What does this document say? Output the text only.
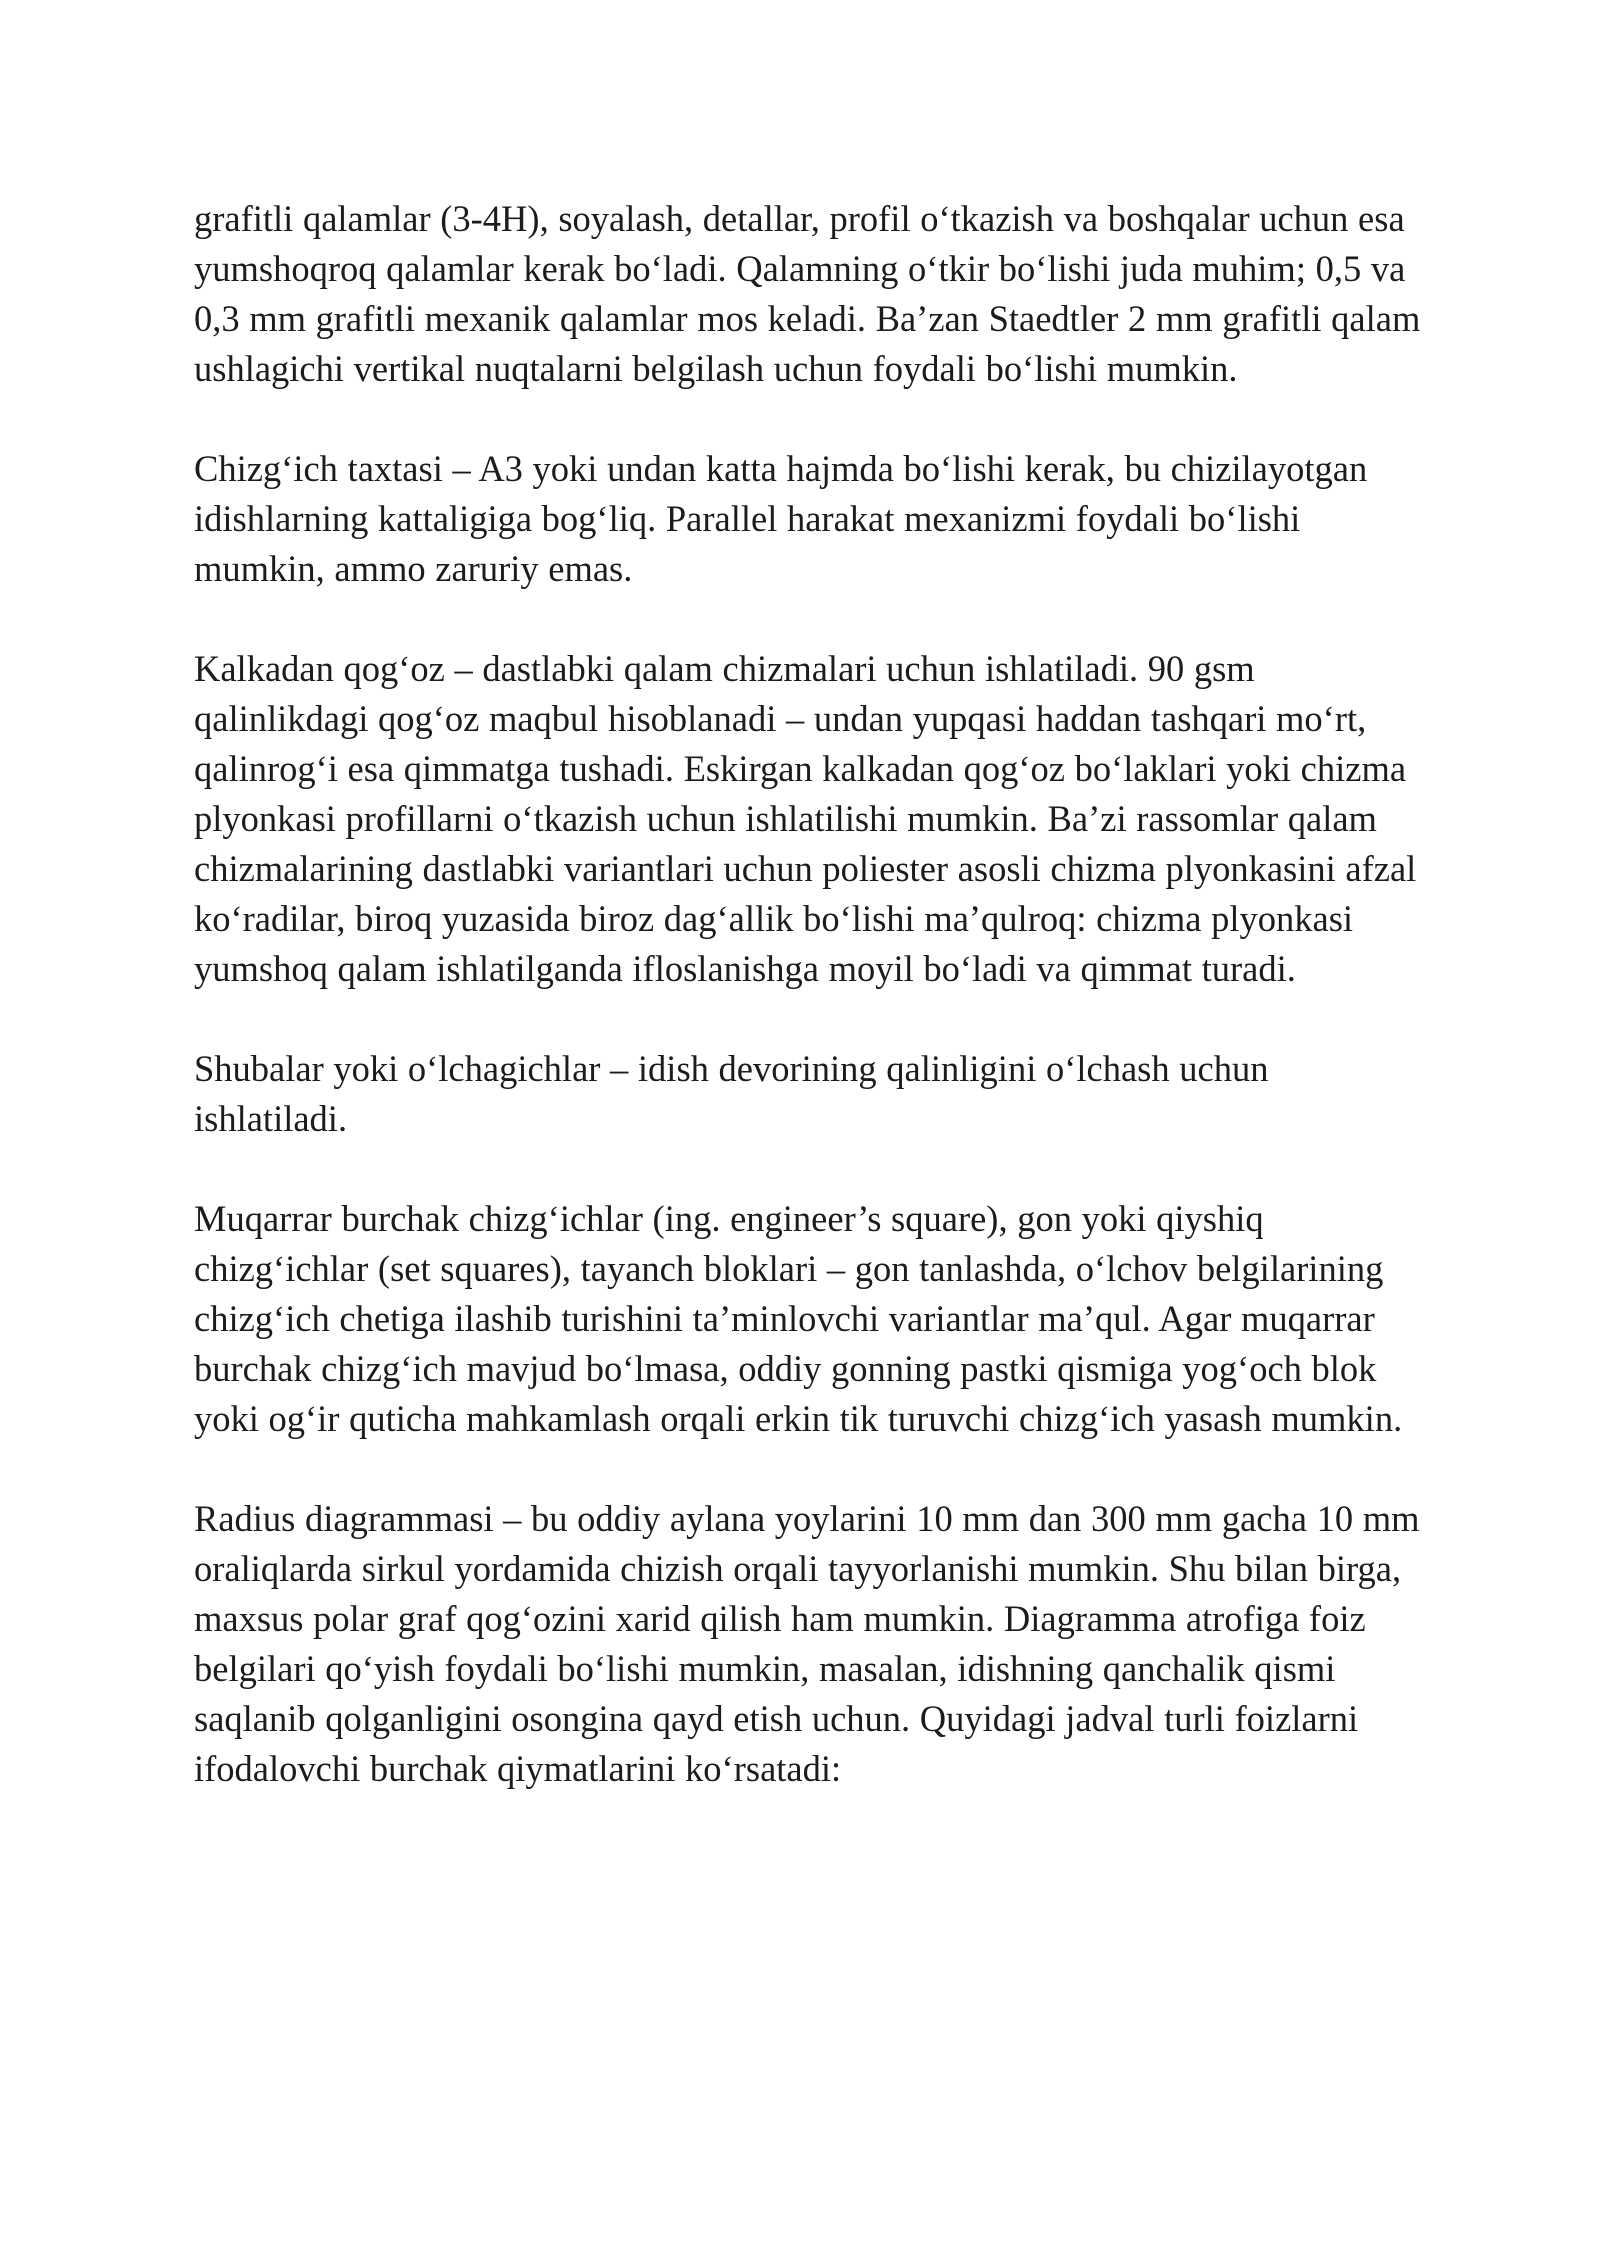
grafitli qalamlar (3-4H), soyalash, detallar, profil o‘tkazish va boshqalar uchun esa yumshoqroq qalamlar kerak bo‘ladi. Qalamning o‘tkir bo‘lishi juda muhim; 0,5 va 0,3 mm grafitli mexanik qalamlar mos keladi. Ba’zan Staedtler 2 mm grafitli qalam ushlagichi vertikal nuqtalarni belgilash uchun foydali bo‘lishi mumkin.

Chizg‘ich taxtasi – A3 yoki undan katta hajmda bo‘lishi kerak, bu chizilayotgan idishlarning kattaligiga bog‘liq. Parallel harakat mexanizmi foydali bo‘lishi mumkin, ammo zaruriy emas.

Kalkadan qog‘oz – dastlabki qalam chizmalari uchun ishlatiladi. 90 gsm qalinlikdagi qog‘oz maqbul hisoblanadi – undan yupqasi haddan tashqari mo‘rt, qalinrog‘i esa qimmatga tushadi. Eskirgan kalkadan qog‘oz bo‘laklari yoki chizma plyonkasi profillarni o‘tkazish uchun ishlatilishi mumkin. Ba’zi rassomlar qalam chizmalarining dastlabki variantlari uchun poliester asosli chizma plyonkasini afzal ko‘radilar, biroq yuzasida biroz dag‘allik bo‘lishi ma’qulroq: chizma plyonkasi yumshoq qalam ishlatilganda ifloslanishga moyil bo‘ladi va qimmat turadi.

Shubalar yoki o‘lchagichlar – idish devorining qalinligini o‘lchash uchun ishlatiladi.

Muqarrar burchak chizg‘ichlar (ing. engineer’s square), gon yoki qiyshiq chizg‘ichlar (set squares), tayanch bloklari – gon tanlashda, o‘lchov belgilarining chizg‘ich chetiga ilashib turishini ta’minlovchi variantlar ma’qul. Agar muqarrar burchak chizg‘ich mavjud bo‘lmasa, oddiy gonning pastki qismiga yog‘och blok yoki og‘ir quticha mahkamlash orqali erkin tik turuvchi chizg‘ich yasash mumkin.

Radius diagrammasi – bu oddiy aylana yoylarini 10 mm dan 300 mm gacha 10 mm oraliqlarda sirkul yordamida chizish orqali tayyorlanishi mumkin. Shu bilan birga, maxsus polar graf qog‘ozini xarid qilish ham mumkin. Diagramma atrofiga foiz belgilari qo‘yish foydali bo‘lishi mumkin, masalan, idishning qanchalik qismi saqlanib qolganligini osongina qayd etish uchun. Quyidagi jadval turli foizlarni ifodalovchi burchak qiymatlarini ko‘rsatadi:
